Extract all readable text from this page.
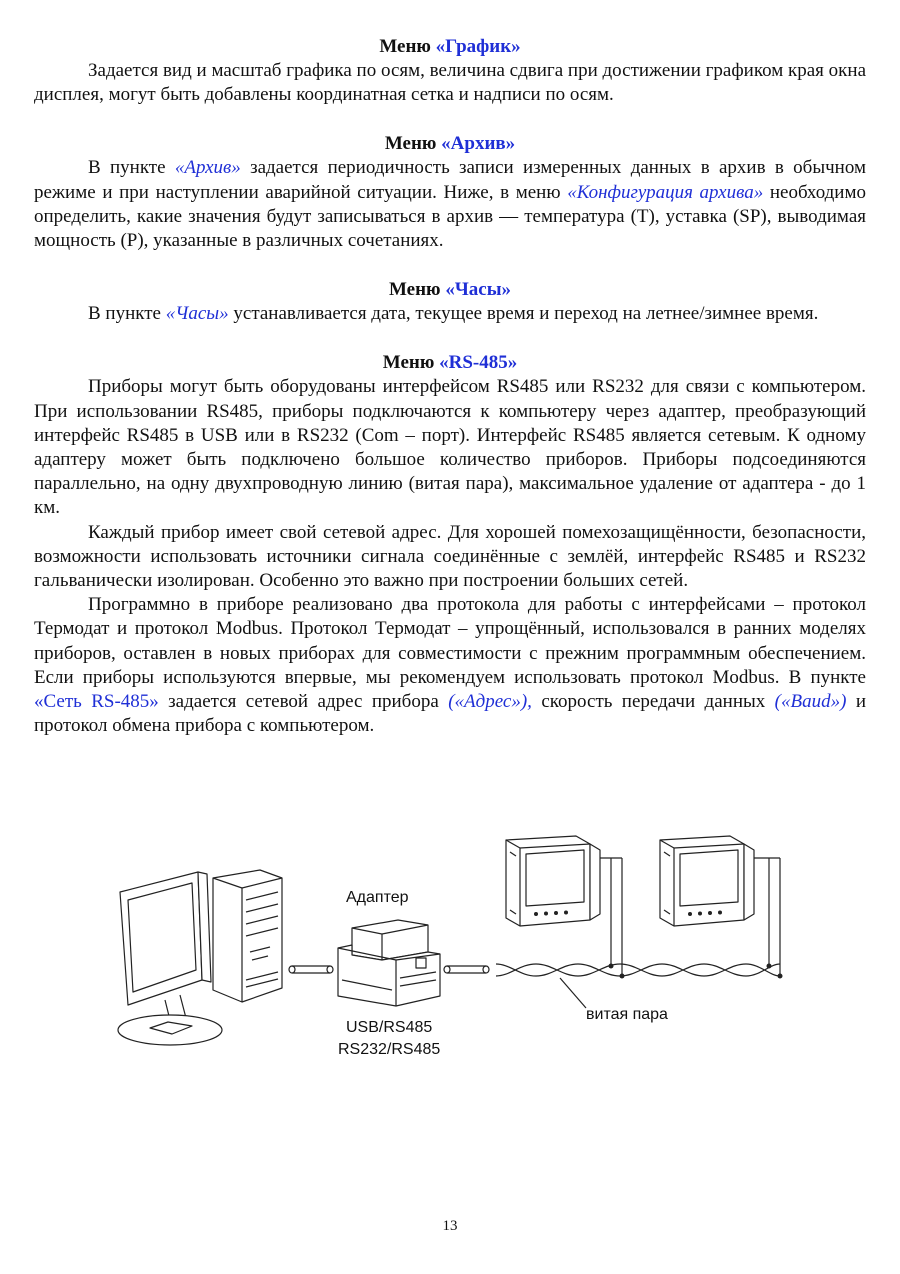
Меню «График»

Задается вид и масштаб графика по осям, величина сдвига при достижении графиком края окна дисплея, могут быть добавлены координатная сетка и надписи по осям.

Меню «Архив»

В пункте «Архив» задается периодичность записи измеренных данных в архив в обычном режиме и при наступлении аварийной ситуации. Ниже, в меню «Конфигурация архива» необходимо определить, какие значения будут записываться в архив — температура (T), уставка (SP), выводимая мощность (P), указанные в различных сочетаниях.

Меню «Часы»

В пункте «Часы» устанавливается дата, текущее время и переход на летнее/зимнее время.

Меню «RS-485»

Приборы могут быть оборудованы интерфейсом RS485 или RS232 для связи с компьютером. При использовании RS485, приборы подключаются к компьютеру через адаптер, преобразующий интерфейс RS485 в USB или в RS232 (Com – порт). Интерфейс RS485 является сетевым. К одному адаптеру может быть подключено большое количество приборов. Приборы подсоединяются параллельно, на одну двухпроводную линию (витая пара), максимальное удаление от адаптера - до 1 км.

Каждый прибор имеет свой сетевой адрес. Для хорошей помехозащищённости, безопасности, возможности использовать источники сигнала соединённые с землёй, интерфейс RS485 и RS232 гальванически изолирован. Особенно это важно при построении больших сетей.

Программно в приборе реализовано два протокола для работы с интерфейсами – протокол Термодат и протокол Modbus. Протокол Термодат – упрощённый, использовался в ранних моделях приборов, оставлен в новых приборах для совместимости с прежним программным обеспечением. Если приборы используются впервые, мы рекомендуем использовать протокол Modbus. В пункте «Сеть RS-485» задается сетевой адрес прибора («Адрес»), скорость передачи данных («Baud») и протокол обмена прибора с компьютером.

Адаптер
USB/RS485
RS232/RS485
витая пара
13
